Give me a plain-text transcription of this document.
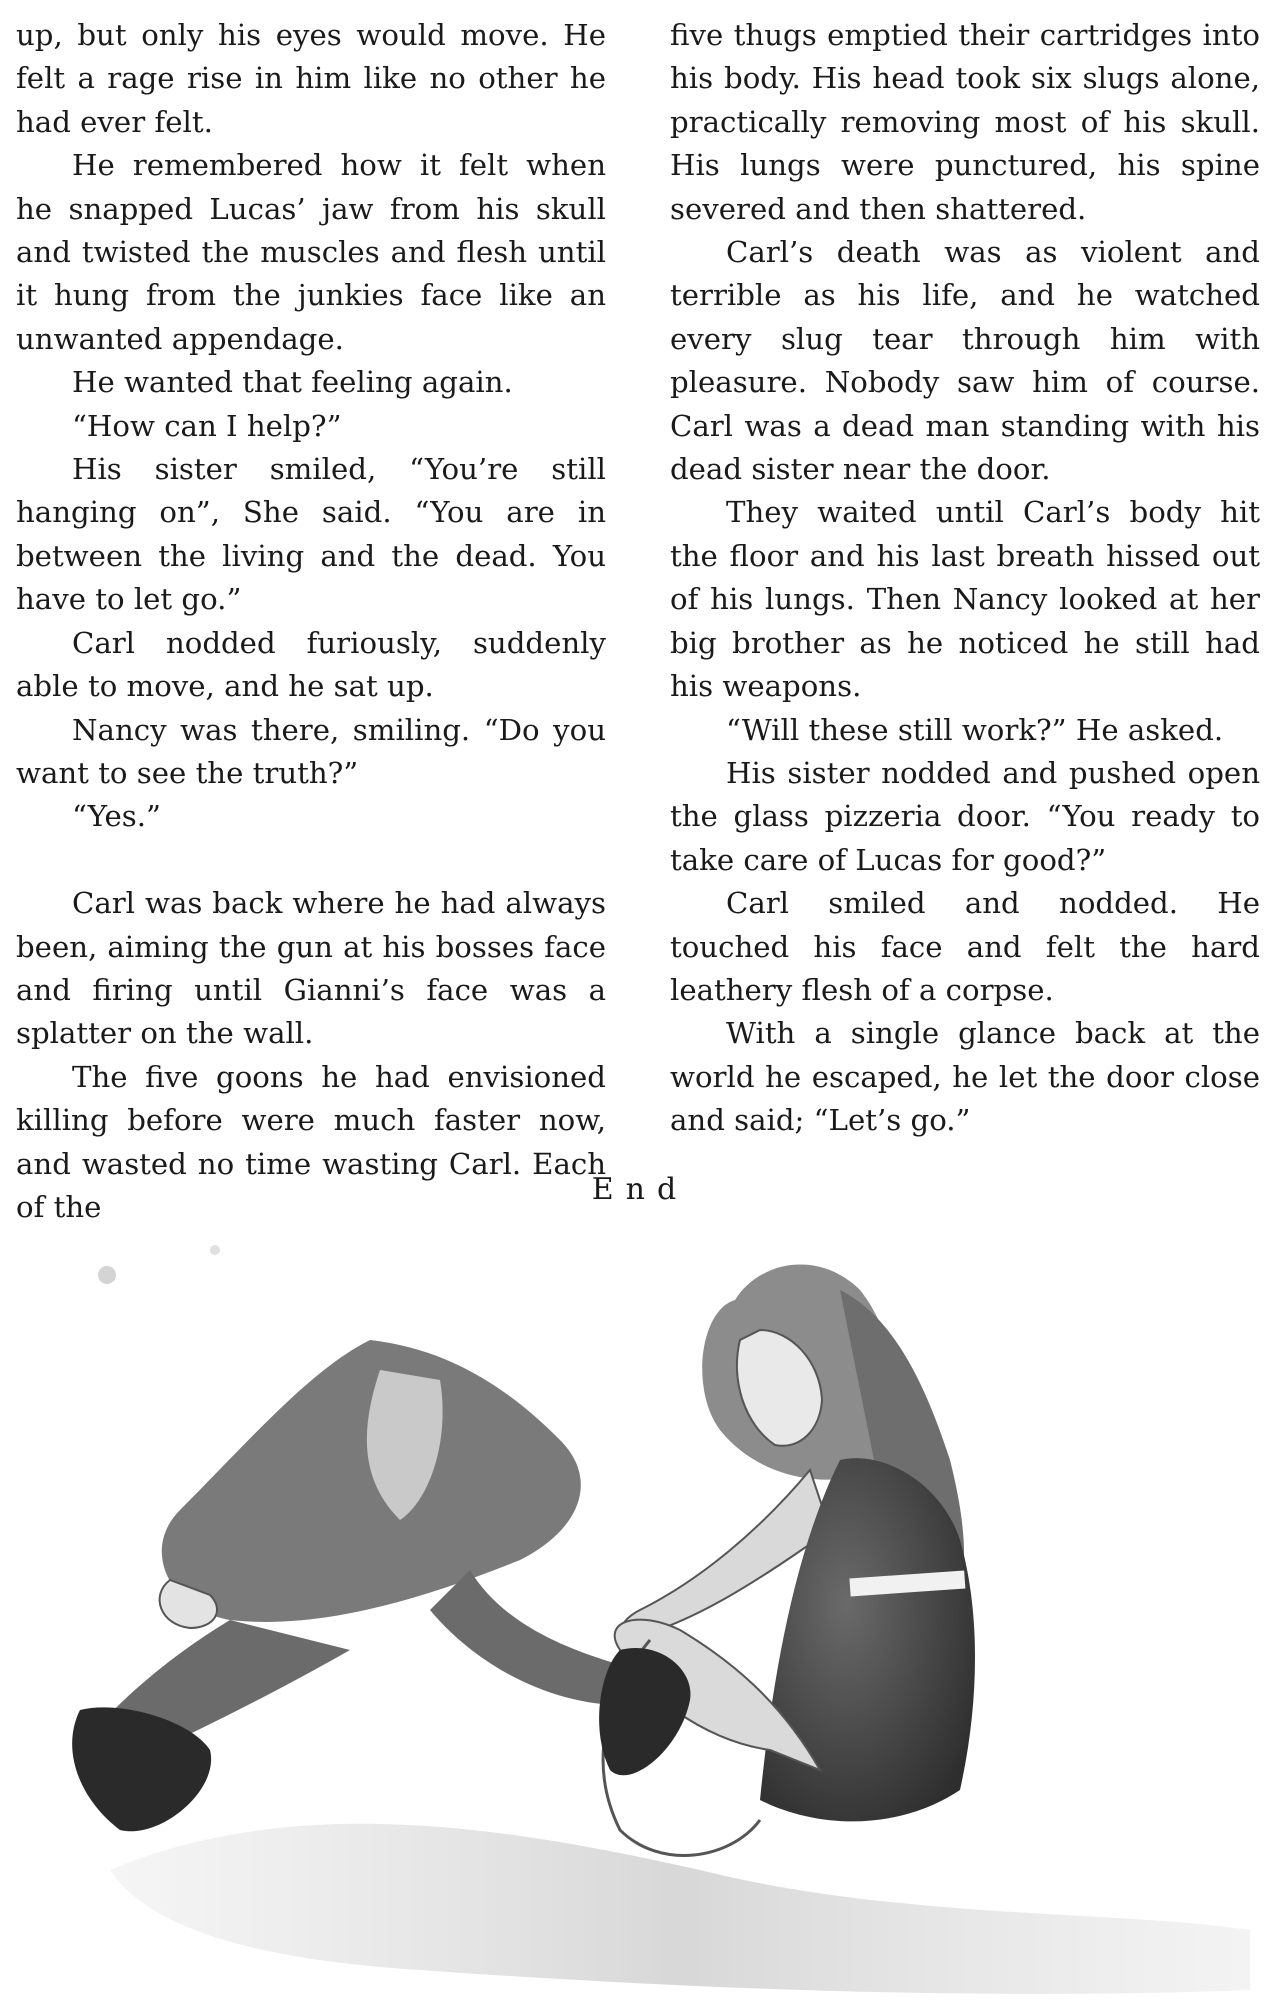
up, but only his eyes would move. He felt a rage rise in him like no other he had ever felt.

He remembered how it felt when he snapped Lucas’ jaw from his skull and twisted the muscles and flesh until it hung from the junkies face like an unwanted appendage.

He wanted that feeling again.

“How can I help?”

His sister smiled, “You’re still hanging on”, She said. “You are in between the living and the dead. You have to let go.”

Carl nodded furiously, suddenly able to move, and he sat up.

Nancy was there, smiling. “Do you want to see the truth?”

“Yes.”

Carl was back where he had always been, aiming the gun at his bosses face and firing until Gianni’s face was a splatter on the wall.

The five goons he had envisioned killing before were much faster now, and wasted no time wasting Carl. Each of the

five thugs emptied their cartridges into his body. His head took six slugs alone, practically removing most of his skull. His lungs were punctured, his spine severed and then shattered.

Carl’s death was as violent and terrible as his life, and he watched every slug tear through him with pleasure. Nobody saw him of course. Carl was a dead man standing with his dead sister near the door.

They waited until Carl’s body hit the floor and his last breath hissed out of his lungs. Then Nancy looked at her big brother as he noticed he still had his weapons.

“Will these still work?” He asked.

His sister nodded and pushed open the glass pizzeria door. “You ready to take care of Lucas for good?”

Carl smiled and nodded. He touched his face and felt the hard leathery flesh of a corpse.

With a single glance back at the world he escaped, he let the door close and said; “Let’s go.”

End
